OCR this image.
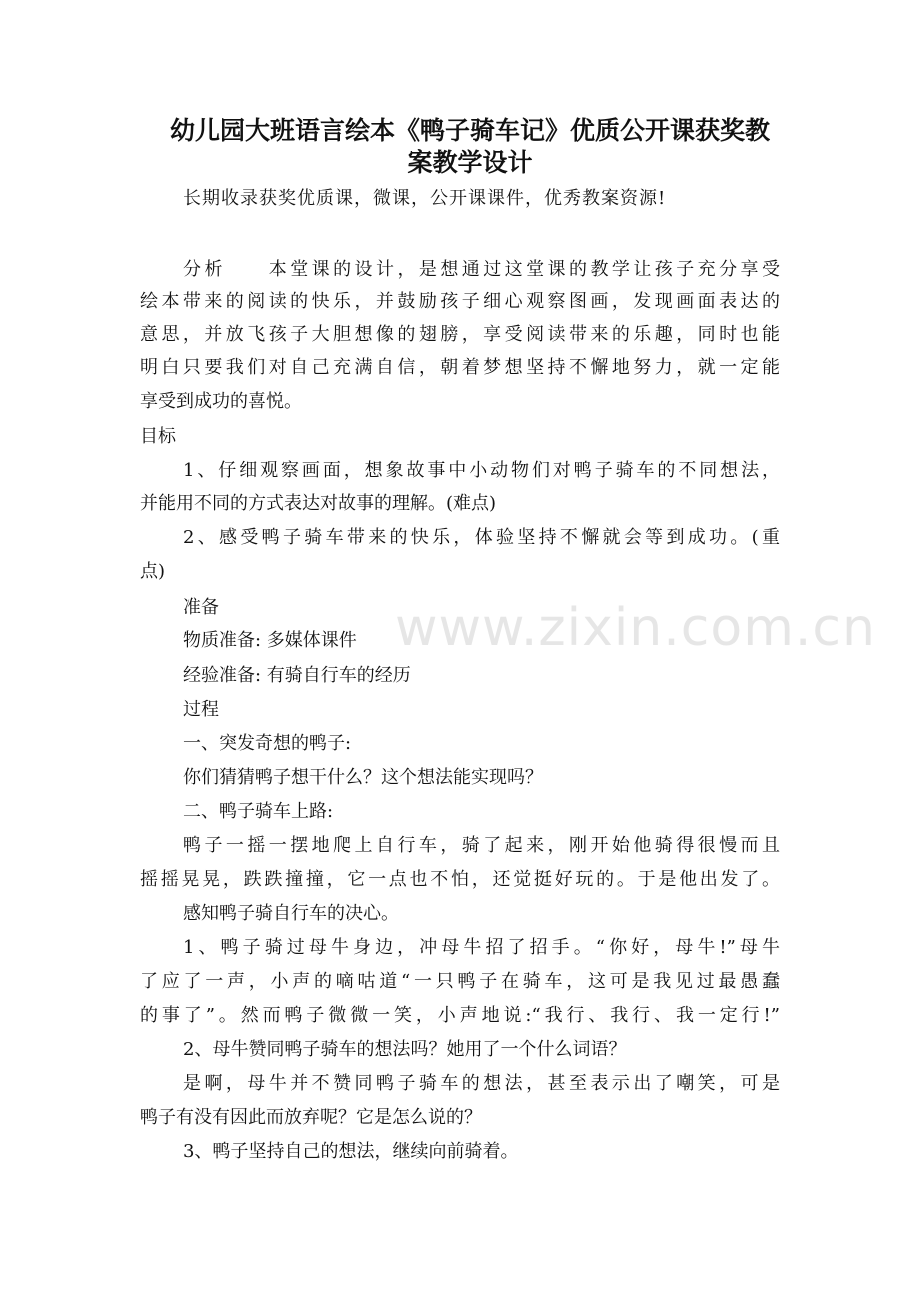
幼儿园大班语言绘本《鸭子骑车记》优质公开课获奖教
案教学设计

长期收录获奖优质课，微课，公开课课件，优秀教案资源!

分析　　本堂课的设计，是想通过这堂课的教学让孩子充分享受

绘本带来的阅读的快乐，并鼓励孩子细心观察图画，发现画面表达的

意思，并放飞孩子大胆想像的翅膀，享受阅读带来的乐趣，同时也能

明白只要我们对自己充满自信，朝着梦想坚持不懈地努力，就一定能

享受到成功的喜悦。

目标

1、仔细观察画面，想象故事中小动物们对鸭子骑车的不同想法，

并能用不同的方式表达对故事的理解。(难点)

2、感受鸭子骑车带来的快乐，体验坚持不懈就会等到成功。(重

点)

准备

物质准备: 多媒体课件

经验准备: 有骑自行车的经历

过程

一、突发奇想的鸭子:

你们猜猜鸭子想干什么？这个想法能实现吗？

二、鸭子骑车上路:

鸭子一摇一摆地爬上自行车，骑了起来，刚开始他骑得很慢而且

摇摇晃晃，跌跌撞撞，它一点也不怕，还觉挺好玩的。于是他出发了。

感知鸭子骑自行车的决心。

1、鸭子骑过母牛身边，冲母牛招了招手。“你好，母牛!”母牛

了应了一声，小声的嘀咕道“一只鸭子在骑车，这可是我见过最愚蠢

的事了”。然而鸭子微微一笑，小声地说:“我行、我行、我一定行!”

2、母牛赞同鸭子骑车的想法吗？她用了一个什么词语？

是啊，母牛并不赞同鸭子骑车的想法，甚至表示出了嘲笑，可是

鸭子有没有因此而放弃呢？它是怎么说的？

3、鸭子坚持自己的想法，继续向前骑着。

www.zixin.com.cn
